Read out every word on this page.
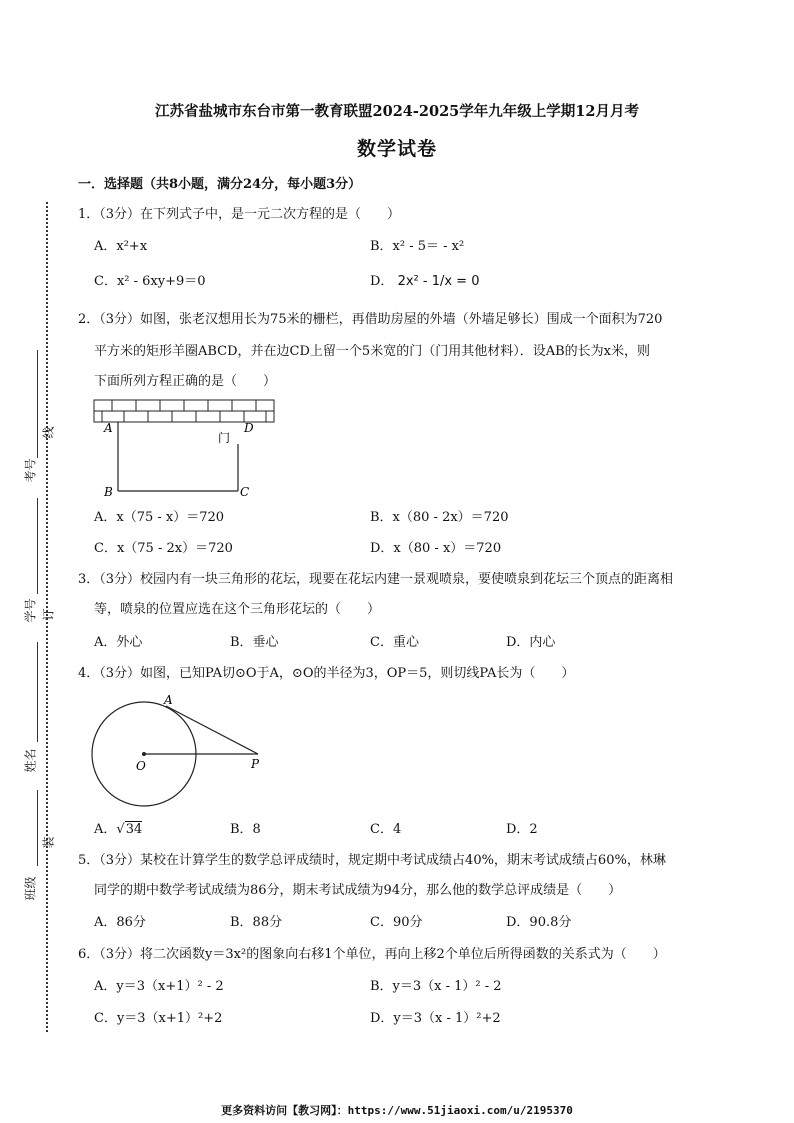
考号
线
学号 订
姓名
装
班级
江苏省盐城市东台市第一教育联盟2024-2025学年九年级上学期12月月考
数学试卷
一．选择题（共8小题，满分24分，每小题3分）
1．（3分）在下列式子中，是一元二次方程的是（　　）
A．x²+x	B．x² - 5＝ - x²
C．x² - 6xy+9＝0	D． 2x² - 1/x = 0
2．（3分）如图，张老汉想用长为75米的栅栏，再借助房屋的外墙（外墙足够长）围成一个面积为720
平方米的矩形羊圈ABCD，并在边CD上留一个5米宽的门（门用其他材料）．设AB的长为x米，则
下面所列方程正确的是（　　）
A	D
门
B	C
A．x（75 - x）＝720	B．x（80 - 2x）＝720
C．x（75 - 2x）＝720	D．x（80 - x）＝720
3．（3分）校园内有一块三角形的花坛，现要在花坛内建一景观喷泉，要使喷泉到花坛三个顶点的距离相
等，喷泉的位置应选在这个三角形花坛的（　　）
A．外心	B．垂心	C．重心	D．内心
4．（3分）如图，已知PA切⊙O于A，⊙O的半径为3，OP＝5，则切线PA长为（　　）
A
O	P
A．√34	B．8	C．4	D．2
5．（3分）某校在计算学生的数学总评成绩时，规定期中考试成绩占40%，期末考试成绩占60%，林琳
同学的期中数学考试成绩为86分，期末考试成绩为94分，那么他的数学总评成绩是（　　）
A．86分	B．88分	C．90分	D．90.8分
6．（3分）将二次函数y＝3x²的图象向右移1个单位，再向上移2个单位后所得函数的关系式为（　　）
A．y＝3（x+1）² - 2	B．y＝3（x - 1）² - 2
C．y＝3（x+1）²+2	D．y＝3（x - 1）²+2
更多资料访问【教习网】：https://www.51jiaoxi.com/u/2195370
